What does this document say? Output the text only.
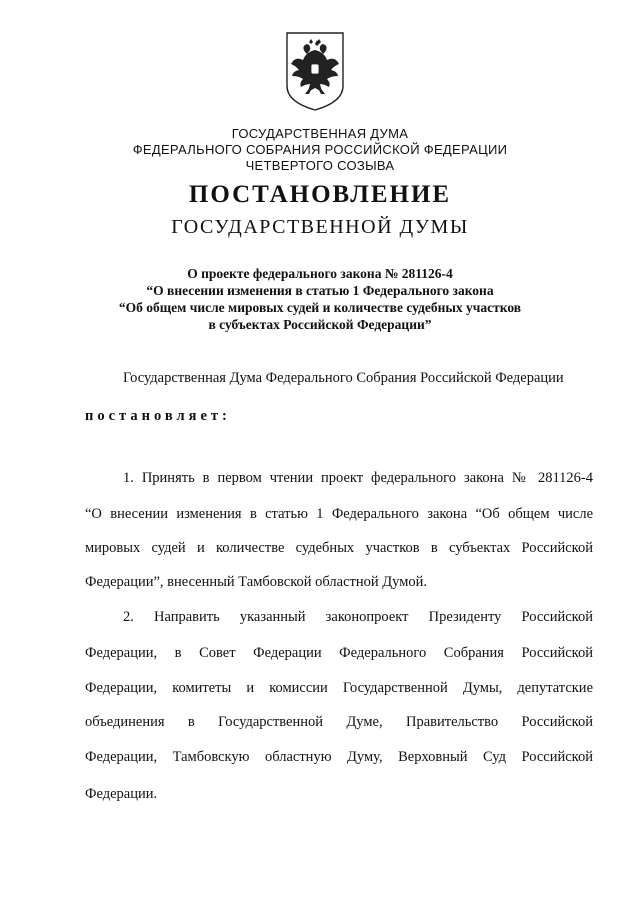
ГОСУДАРСТВЕННАЯ ДУМА
ФЕДЕРАЛЬНОГО СОБРАНИЯ РОССИЙСКОЙ ФЕДЕРАЦИИ
ЧЕТВЕРТОГО СОЗЫВА
ПОСТАНОВЛЕНИЕ
ГОСУДАРСТВЕННОЙ ДУМЫ
О проекте федерального закона № 281126-4
“О внесении изменения в статью 1 Федерального закона
“Об общем числе мировых судей и количестве судебных участков
в субъектах Российской Федерации”
Государственная Дума Федерального Собрания Российской Федерации
постановляет:
1. Принять в первом чтении проект федерального закона № 281126-4
“О внесении изменения в статью 1 Федерального закона “Об общем числе
мировых судей и количестве судебных участков в субъектах Российской
Федерации”, внесенный Тамбовской областной Думой.
2. Направить указанный законопроект Президенту Российской
Федерации, в Совет Федерации Федерального Собрания Российской
Федерации, комитеты и комиссии Государственной Думы, депутатские
объединения в Государственной Думе, Правительство Российской
Федерации, Тамбовскую областную Думу, Верховный Суд Российской
Федерации.
